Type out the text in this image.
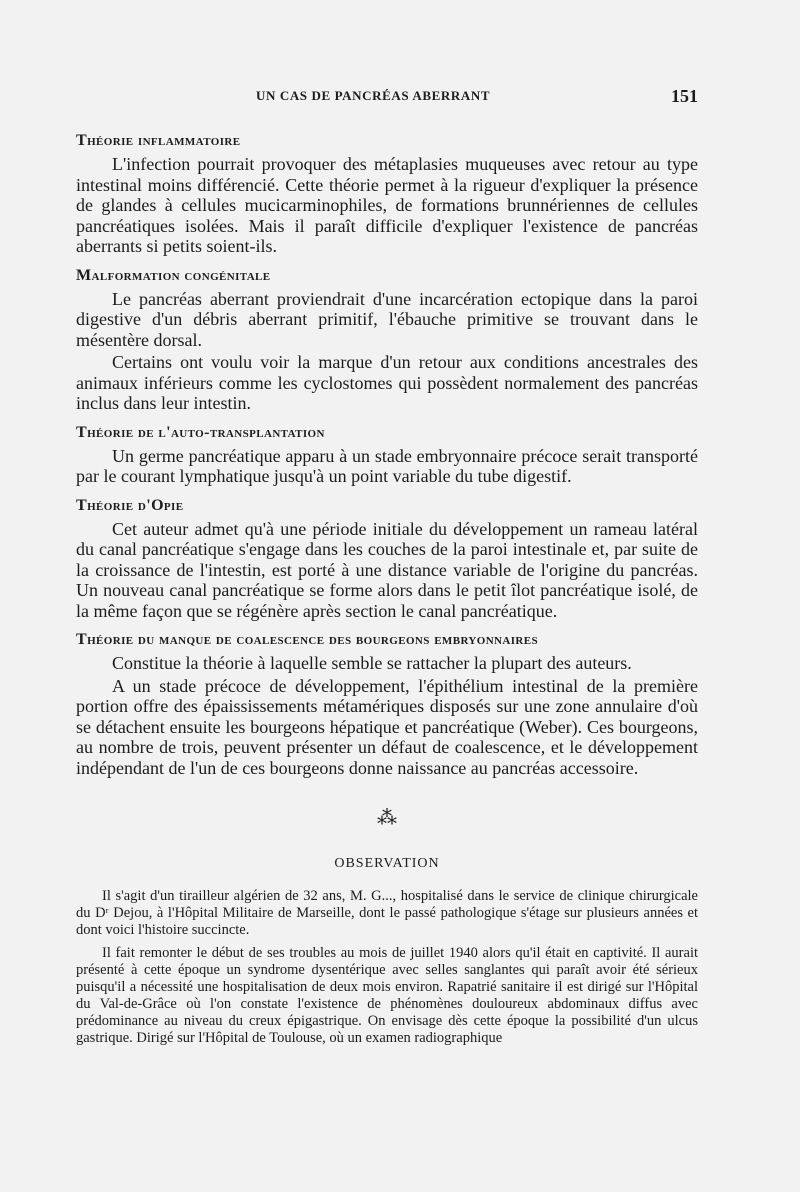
UN CAS DE PANCRÉAS ABERRANT	151
Théorie inflammatoire

L'infection pourrait provoquer des métaplasies muqueuses avec retour au type intestinal moins différencié. Cette théorie permet à la rigueur d'expliquer la présence de glandes à cellules mucicarminophiles, de formations brunnériennes de cellules pancréatiques isolées. Mais il paraît difficile d'expliquer l'existence de pancréas aberrants si petits soient-ils.

Malformation congénitale

Le pancréas aberrant proviendrait d'une incarcération ectopique dans la paroi digestive d'un débris aberrant primitif, l'ébauche primitive se trouvant dans le mésentère dorsal.

Certains ont voulu voir la marque d'un retour aux conditions ancestrales des animaux inférieurs comme les cyclostomes qui possèdent normalement des pancréas inclus dans leur intestin.

Théorie de l'auto-transplantation

Un germe pancréatique apparu à un stade embryonnaire précoce serait transporté par le courant lymphatique jusqu'à un point variable du tube digestif.

Théorie d'Opie

Cet auteur admet qu'à une période initiale du développement un rameau latéral du canal pancréatique s'engage dans les couches de la paroi intestinale et, par suite de la croissance de l'intestin, est porté à une distance variable de l'origine du pancréas. Un nouveau canal pancréatique se forme alors dans le petit îlot pancréatique isolé, de la même façon que se régénère après section le canal pancréatique.

Théorie du manque de coalescence des bourgeons embryonnaires

Constitue la théorie à laquelle semble se rattacher la plupart des auteurs.

A un stade précoce de développement, l'épithélium intestinal de la première portion offre des épaississements métamériques disposés sur une zone annulaire d'où se détachent ensuite les bourgeons hépatique et pancréatique (Weber). Ces bourgeons, au nombre de trois, peuvent présenter un défaut de coalescence, et le développement indépendant de l'un de ces bourgeons donne naissance au pancréas accessoire.

⁂
OBSERVATION

Il s'agit d'un tirailleur algérien de 32 ans, M. G..., hospitalisé dans le service de clinique chirurgicale du Dʳ Dejou, à l'Hôpital Militaire de Marseille, dont le passé pathologique s'étage sur plusieurs années et dont voici l'histoire succincte.

Il fait remonter le début de ses troubles au mois de juillet 1940 alors qu'il était en captivité. Il aurait présenté à cette époque un syndrome dysentérique avec selles sanglantes qui paraît avoir été sérieux puisqu'il a nécessité une hospitalisation de deux mois environ. Rapatrié sanitaire il est dirigé sur l'Hôpital du Val-de-Grâce où l'on constate l'existence de phénomènes douloureux abdominaux diffus avec prédominance au niveau du creux épigastrique. On envisage dès cette époque la possibilité d'un ulcus gastrique. Dirigé sur l'Hôpital de Toulouse, où un examen radiographique
